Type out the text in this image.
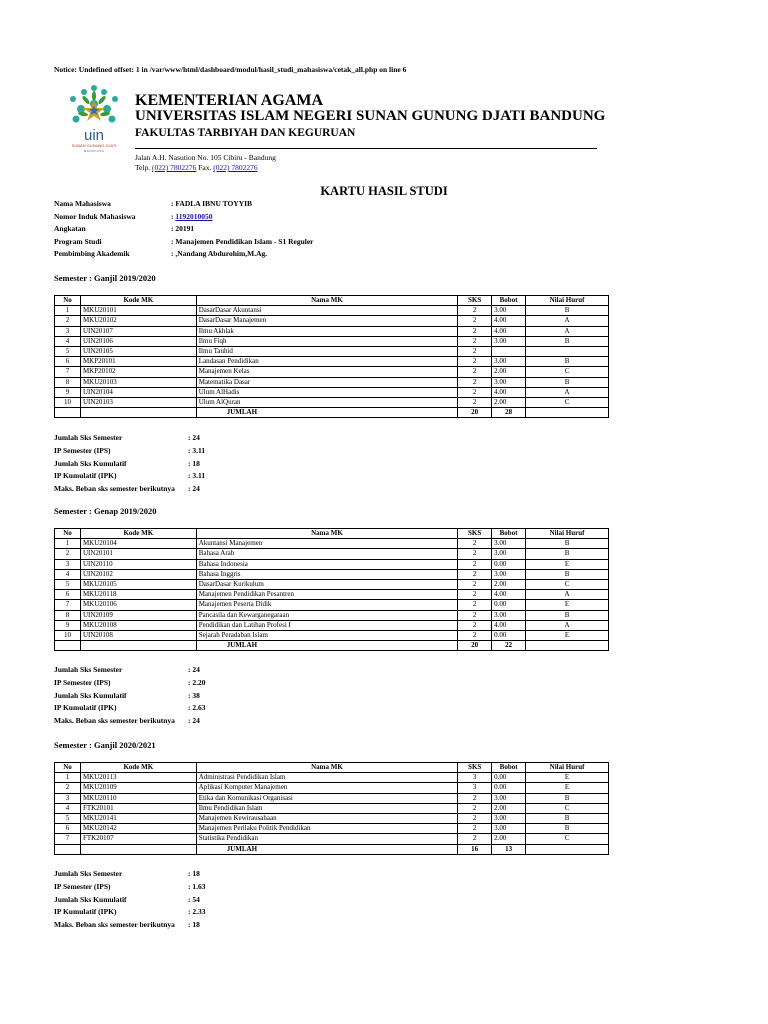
Notice: Undefined offset: 1 in /var/www/html/dashboard/modul/hasil_studi_mahasiswa/cetak_all.php on line 6
uin
SUNAN GUNUNG DJATI
B A N D U N G
KEMENTERIAN AGAMA
UNIVERSITAS ISLAM NEGERI SUNAN GUNUNG DJATI BANDUNG
FAKULTAS TARBIYAH DAN KEGURUAN
Jalan A.H. Nasution No. 105 Cibiru - Bandung
Telp. (022) 7802276 Fax. (022) 7802276
KARTU HASIL STUDI
Nama Mahasiswa	: FADLA IBNU TOYYIB
Nomor Induk Mahasiswa	: 1192010050
Angkatan	: 20191
Program Studi	: Manajemen Pendidikan Islam - S1 Reguler
Pembimbing Akademik	: ,Nandang Abdurohim,M.Ag.
Semester : Ganjil 2019/2020
No	Kode MK	Nama MK	SKS	Bobot	Nilai Huruf
1	MKU20101	DasarDasar Akuntansi	2	3.00	B
2	MKU20102	DasarDasar Manajemen	2	4.00	A
3	UIN20107	Ilmu Akhlak	2	4.00	A
4	UIN20106	Ilmu Fiqh	2	3.00	B
5	UIN20105	Ilmu Tauhid	2		
6	MKP20101	Landasan Pendidikan	2	3.00	B
7	MKP20102	Manajemen Kelas	2	2.00	C
8	MKU20103	Matematika Dasar	2	3.00	B
9	UIN20104	Ulum AlHadis	2	4.00	A
10	UIN20103	Ulum AlQuran	2	2.00	C
		JUMLAH	20	28	
Jumlah Sks Semester	: 24
IP Semester (IPS)	: 3.11
Jumlah Sks Kumulatif	: 18
IP Kumulatif (IPK)	: 3.11
Maks. Beban sks semester berikutnya : 24
Semester : Genap 2019/2020
No	Kode MK	Nama MK	SKS	Bobot	Nilai Huruf
1	MKU20104	Akuntansi Manajemen	2	3.00	B
2	UIN20101	Bahasa Arab	2	3.00	B
3	UIN20110	Bahasa Indonesia	2	0.00	E
4	UIN20102	Bahasa Inggris	2	3.00	B
5	MKU20105	DasarDasar Kurikulum	2	2.00	C
6	MKU20118	Manajemen Pendidikan Pesantren	2	4.00	A
7	MKU20106	Manajemen Peserta Didik	2	0.00	E
8	UIN20109	Pancasila dan Kewarganegaraan	2	3.00	B
9	MKU20108	Pendidikan dan Latihan Profesi I	2	4.00	A
10	UIN20108	Sejarah Peradaban Islam	2	0.00	E
		JUMLAH	20	22	
Jumlah Sks Semester	: 24
IP Semester (IPS)	: 2.20
Jumlah Sks Kumulatif	: 38
IP Kumulatif (IPK)	: 2.63
Maks. Beban sks semester berikutnya : 24
Semester : Ganjil 2020/2021
No	Kode MK	Nama MK	SKS	Bobot	Nilai Huruf
1	MKU20113	Administrasi Pendidikan Islam	3	0.00	E
2	MKU20109	Aplikasi Komputer Manajemen	3	0.00	E
3	MKU20110	Etika dan Komunikasi Organisasi	2	3.00	B
4	FTK20101	Ilmu Pendidikan Islam	2	2.00	C
5	MKU20141	Manajemen Kewirausahaan	2	3.00	B
6	MKU20142	Manajemen Perilaku Politik Pendidikan	2	3.00	B
7	FTK20107	Statistika Pendidikan	2	2.00	C
		JUMLAH	16	13	
Jumlah Sks Semester	: 18
IP Semester (IPS)	: 1.63
Jumlah Sks Kumulatif	: 54
IP Kumulatif (IPK)	: 2.33
Maks. Beban sks semester berikutnya : 18
